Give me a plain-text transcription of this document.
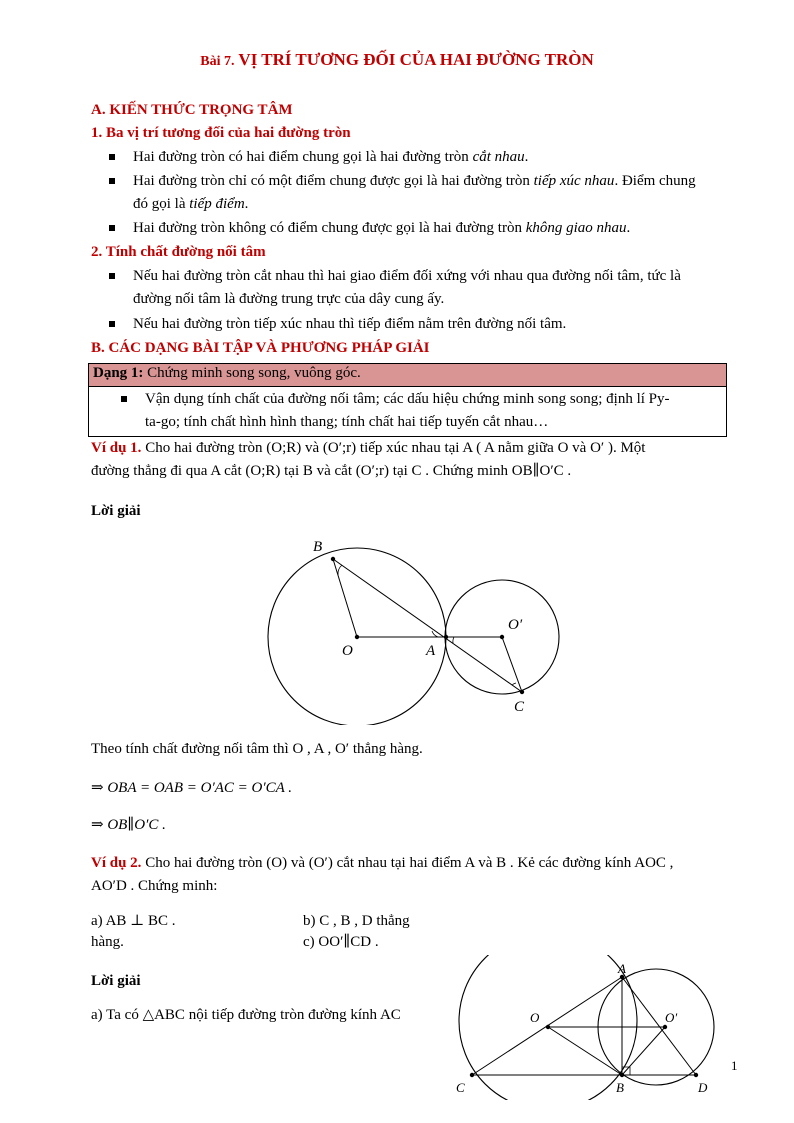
Bài 7. VỊ TRÍ TƯƠNG ĐỐI CỦA HAI ĐƯỜNG TRÒN
A. KIẾN THỨC TRỌNG TÂM
1. Ba vị trí tương đối của hai đường tròn
Hai đường tròn có hai điểm chung gọi là hai đường tròn cắt nhau.
Hai đường tròn chỉ có một điểm chung được gọi là hai đường tròn tiếp xúc nhau. Điểm chung
đó gọi là tiếp điểm.
Hai đường tròn không có điểm chung được gọi là hai đường tròn không giao nhau.
2. Tính chất đường nối tâm
Nếu hai đường tròn cắt nhau thì hai giao điểm đối xứng với nhau qua đường nối tâm, tức là
đường nối tâm là đường trung trực của dây cung ấy.
Nếu hai đường tròn tiếp xúc nhau thì tiếp điểm nằm trên đường nối tâm.
B. CÁC DẠNG BÀI TẬP VÀ PHƯƠNG PHÁP GIẢI
Dạng 1: Chứng minh song song, vuông góc.
Vận dụng tính chất của đường nối tâm; các dấu hiệu chứng minh song song; định lí Py-
ta-go; tính chất hình hình thang; tính chất hai tiếp tuyến cắt nhau…
Ví dụ 1. Cho hai đường tròn (O;R) và (O′;r) tiếp xúc nhau tại A ( A nằm giữa O và O′ ). Một
đường thẳng đi qua A cắt (O;R) tại B và cắt (O′;r) tại C . Chứng minh OB∥O′C .
Lời giải
B
O	A
O′
C
Theo tính chất đường nối tâm thì O , A , O′ thẳng hàng.
⇒ OBA = OAB = O′AC = O′CA .
⇒ OB∥O′C .
Ví dụ 2. Cho hai đường tròn (O) và (O′) cắt nhau tại hai điểm A và B . Kẻ các đường kính AOC ,
AO′D . Chứng minh:
a) AB ⊥ BC .	b) C , B , D thẳng
hàng.	c) OO′∥CD .
Lời giải
a) Ta có △ABC nội tiếp đường tròn đường kính AC
A
O	O′
C	B	D
1
